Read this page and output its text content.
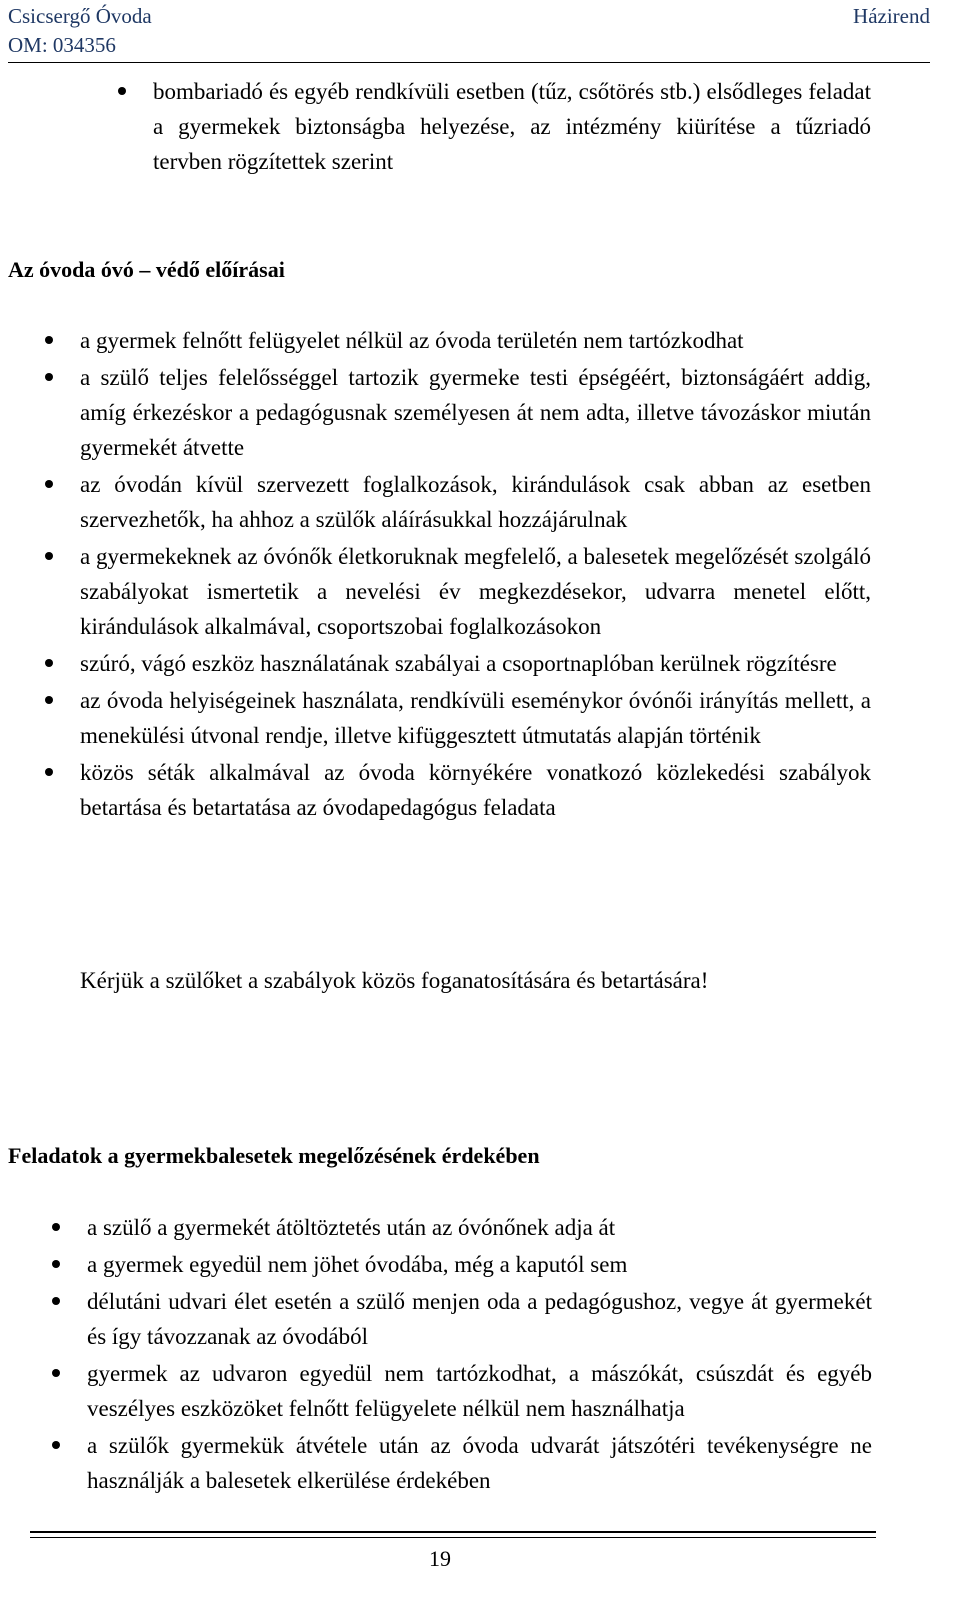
Csicsergő Óvoda
OM: 034356
Házirend
bombariadó és egyéb rendkívüli esetben (tűz, csőtörés stb.) elsődleges feladat a gyermekek biztonságba helyezése, az intézmény kiürítése a tűzriadó tervben rögzítettek szerint
Az óvoda óvó – védő előírásai
a gyermek felnőtt felügyelet nélkül az óvoda területén nem tartózkodhat
a szülő teljes felelősséggel tartozik gyermeke testi épségéért, biztonságáért addig, amíg érkezéskor a pedagógusnak személyesen át nem adta, illetve távozáskor miután gyermekét átvette
az óvodán kívül szervezett foglalkozások, kirándulások csak abban az esetben szervezhetők, ha ahhoz a szülők aláírásukkal hozzájárulnak
a gyermekeknek az óvónők életkoruknak megfelelő, a balesetek megelőzését szolgáló szabályokat ismertetik a nevelési év megkezdésekor, udvarra menetel előtt, kirándulások alkalmával, csoportszobai foglalkozásokon
szúró, vágó eszköz használatának szabályai a csoportnaplóban kerülnek rögzítésre
az óvoda helyiségeinek használata, rendkívüli eseménykor óvónői irányítás mellett, a menekülési útvonal rendje, illetve kifüggesztett útmutatás alapján történik
közös séták alkalmával az óvoda környékére vonatkozó közlekedési szabályok betartása és betartatása az óvodapedagógus feladata
Kérjük a szülőket a szabályok közös foganatosítására és betartására!
Feladatok a gyermekbalesetek megelőzésének érdekében
a szülő a gyermekét átöltöztetés után az óvónőnek adja át
a gyermek egyedül nem jöhet óvodába, még a kaputól sem
délutáni udvari élet esetén a szülő menjen oda a pedagógushoz, vegye át gyermekét és így távozzanak az óvodából
gyermek az udvaron egyedül nem tartózkodhat, a mászókát, csúszdát és egyéb veszélyes eszközöket felnőtt felügyelete nélkül nem használhatja
a szülők gyermekük átvétele után az óvoda udvarát játszótéri tevékenységre ne használják a balesetek elkerülése érdekében
19
